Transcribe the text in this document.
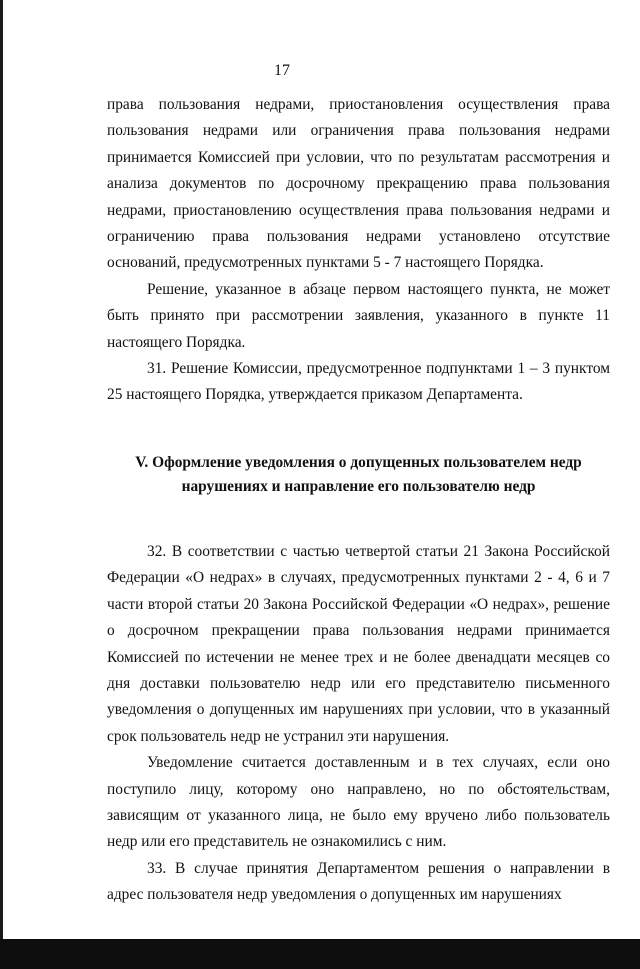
17

права пользования недрами, приостановления осуществления права пользования недрами или ограничения права пользования недрами принимается Комиссией при условии, что по результатам рассмотрения и анализа документов по досрочному прекращению права пользования недрами, приостановлению осуществления права пользования недрами и ограничению права пользования недрами установлено отсутствие оснований, предусмотренных пунктами 5 - 7 настоящего Порядка.

Решение, указанное в абзаце первом настоящего пункта, не может быть принято при рассмотрении заявления, указанного в пункте 11 настоящего Порядка.

31. Решение Комиссии, предусмотренное подпунктами 1 – 3 пунктом 25 настоящего Порядка, утверждается приказом Департамента.

V. Оформление уведомления о допущенных пользователем недр
нарушениях и направление его пользователю недр

32. В соответствии с частью четвертой статьи 21 Закона Российской Федерации «О недрах» в случаях, предусмотренных пунктами 2 - 4, 6 и 7 части второй статьи 20 Закона Российской Федерации «О недрах», решение о досрочном прекращении права пользования недрами принимается Комиссией по истечении не менее трех и не более двенадцати месяцев со дня доставки пользователю недр или его представителю письменного уведомления о допущенных им нарушениях при условии, что в указанный срок пользователь недр не устранил эти нарушения.

Уведомление считается доставленным и в тех случаях, если оно поступило лицу, которому оно направлено, но по обстоятельствам, зависящим от указанного лица, не было ему вручено либо пользователь недр или его представитель не ознакомились с ним.

33. В случае принятия Департаментом решения о направлении в адрес пользователя недр уведомления о допущенных им нарушениях
